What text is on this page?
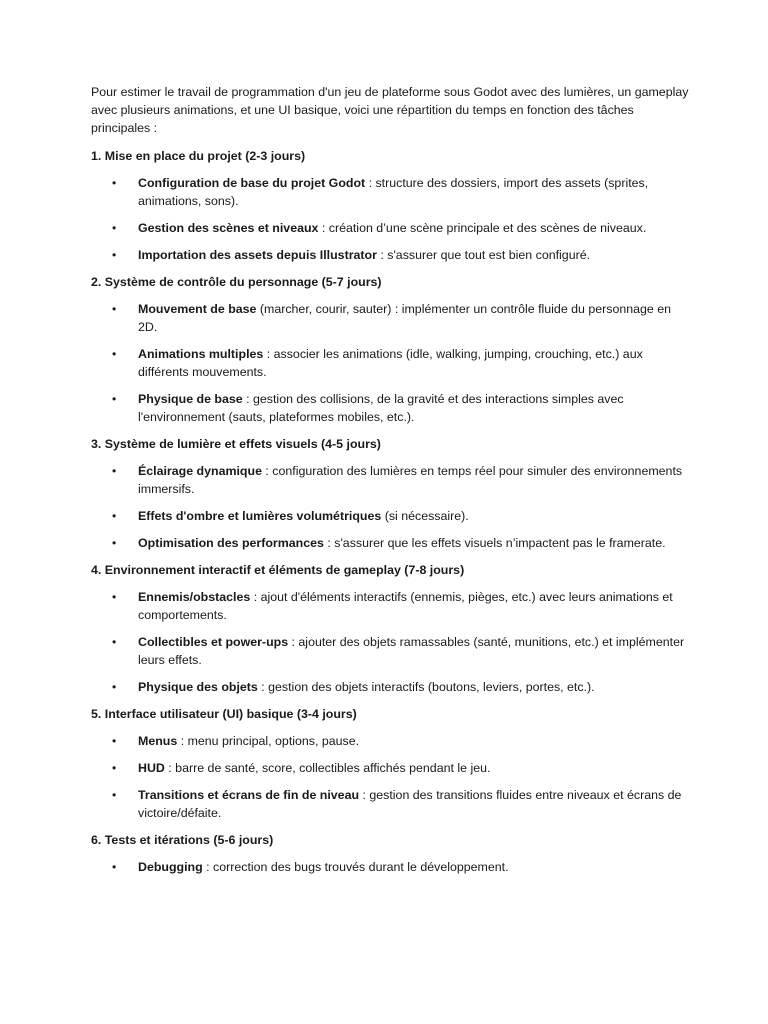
Pour estimer le travail de programmation d'un jeu de plateforme sous Godot avec des lumières, un gameplay avec plusieurs animations, et une UI basique, voici une répartition du temps en fonction des tâches principales :

1. Mise en place du projet (2-3 jours)

• Configuration de base du projet Godot : structure des dossiers, import des assets (sprites, animations, sons).
• Gestion des scènes et niveaux : création d’une scène principale et des scènes de niveaux.
• Importation des assets depuis Illustrator : s'assurer que tout est bien configuré.

2. Système de contrôle du personnage (5-7 jours)

• Mouvement de base (marcher, courir, sauter) : implémenter un contrôle fluide du personnage en 2D.
• Animations multiples : associer les animations (idle, walking, jumping, crouching, etc.) aux différents mouvements.
• Physique de base : gestion des collisions, de la gravité et des interactions simples avec l'environnement (sauts, plateformes mobiles, etc.).

3. Système de lumière et effets visuels (4-5 jours)

• Éclairage dynamique : configuration des lumières en temps réel pour simuler des environnements immersifs.
• Effets d'ombre et lumières volumétriques (si nécessaire).
• Optimisation des performances : s'assurer que les effets visuels n’impactent pas le framerate.

4. Environnement interactif et éléments de gameplay (7-8 jours)

• Ennemis/obstacles : ajout d'éléments interactifs (ennemis, pièges, etc.) avec leurs animations et comportements.
• Collectibles et power-ups : ajouter des objets ramassables (santé, munitions, etc.) et implémenter leurs effets.
• Physique des objets : gestion des objets interactifs (boutons, leviers, portes, etc.).

5. Interface utilisateur (UI) basique (3-4 jours)

• Menus : menu principal, options, pause.
• HUD : barre de santé, score, collectibles affichés pendant le jeu.
• Transitions et écrans de fin de niveau : gestion des transitions fluides entre niveaux et écrans de victoire/défaite.

6. Tests et itérations (5-6 jours)

• Debugging : correction des bugs trouvés durant le développement.
